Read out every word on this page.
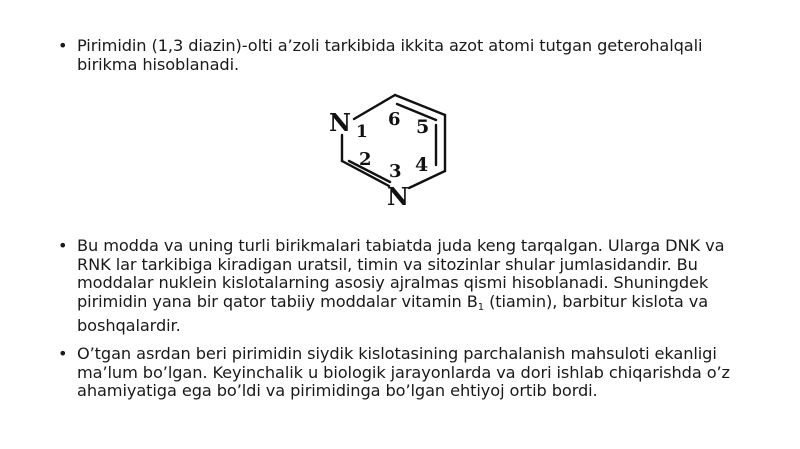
• Pirimidin (1,3 diazin)-olti a’zoli tarkibida ikkita azot atomi tutgan geterohalqali birikma hisoblanadi.
N 1
6 5
2
3 4
N
• Bu modda va uning turli birikmalari tabiatda juda keng tarqalgan. Ularga DNK va RNK lar tarkibiga kiradigan uratsil, timin va sitozinlar shular jumlasidandir. Bu moddalar nuklein kislotalarning asosiy ajralmas qismi hisoblanadi. Shuningdek pirimidin yana bir qator tabiiy moddalar vitamin $B_1$ (tiamin), barbitur kislota va boshqalardir.
• O’tgan asrdan beri pirimidin siydik kislotasining parchalanish mahsuloti ekanligi ma’lum bo’lgan. Keyinchalik u biologik jarayonlarda va dori ishlab chiqarishda o’z ahamiyatiga ega bo’ldi va pirimidinga bo’lgan ehtiyoj ortib bordi.
